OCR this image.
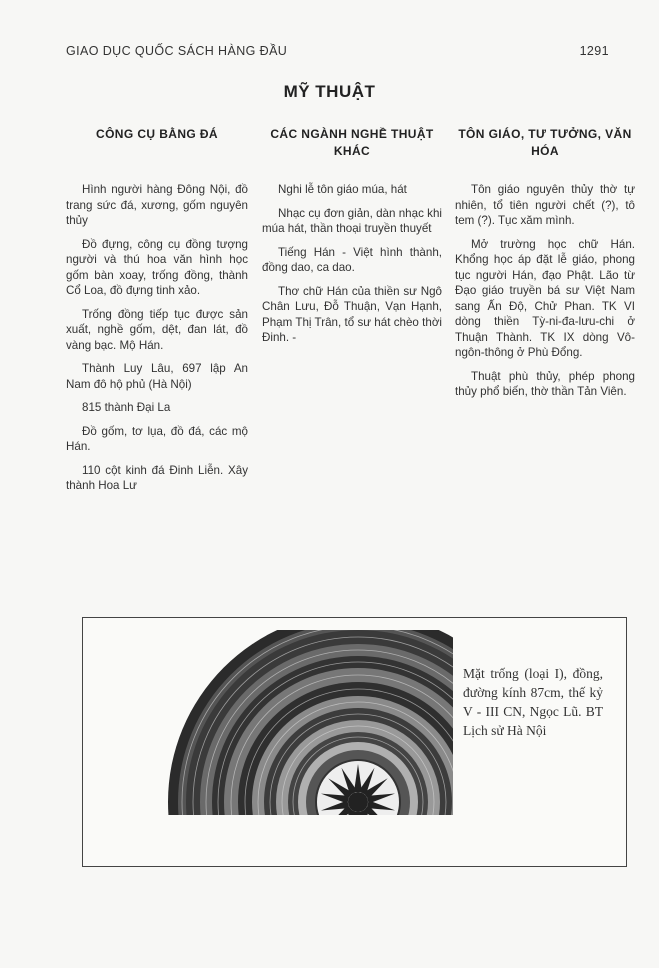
GIAO DỤC QUỐC SÁCH HÀNG ĐẦU	1291
MỸ THUẬT
CÔNG CỤ BẰNG ĐÁ

Hình người hàng Đông Nội, đồ trang sức đá, xương, gốm nguyên thủy

Đồ đựng, công cụ đồng tượng người và thú hoa văn hình học gốm bàn xoay, trống đồng, thành Cổ Loa, đồ đựng tinh xảo.

Trống đồng tiếp tục được sản xuất, nghề gốm, dệt, đan lát, đồ vàng bạc. Mộ Hán.

Thành Luy Lâu, 697 lập An Nam đô hộ phủ (Hà Nội)

815 thành Đại La

Đồ gốm, tơ lụa, đồ đá, các mộ Hán.

110 cột kinh đá Đinh Liễn. Xây thành Hoa Lư

CÁC NGÀNH NGHỀ THUẬT KHÁC

Nghi lễ tôn giáo múa, hát

Nhạc cụ đơn giản, dàn nhạc khi múa hát, thần thoại truyền thuyết

Tiếng Hán - Việt hình thành, đồng dao, ca dao.

Thơ chữ Hán của thiền sư Ngô Chân Lưu, Đỗ Thuận, Vạn Hạnh, Phạm Thị Trân, tổ sư hát chèo thời Đinh. -

TÔN GIÁO, TƯ TƯỞNG, VĂN HÓA

Tôn giáo nguyên thủy thờ tự nhiên, tổ tiên người chết (?), tô tem (?). Tục xăm mình.

Mở trường học chữ Hán. Khổng học áp đặt lễ giáo, phong tục người Hán, đạo Phật. Lão từ Đạo giáo truyền bá sư Việt Nam sang Ấn Độ, Chử Phan. TK VI dòng thiền Tỳ-ni-đa-lưu-chi ở Thuận Thành. TK IX dòng Vô-ngôn-thông ở Phù Đổng.

Thuật phù thủy, phép phong thủy phổ biến, thờ thần Tản Viên.

Mặt trống (loại I), đồng, đường kính 87cm, thế kỷ V - III CN, Ngọc Lũ. BT Lịch sử Hà Nội
